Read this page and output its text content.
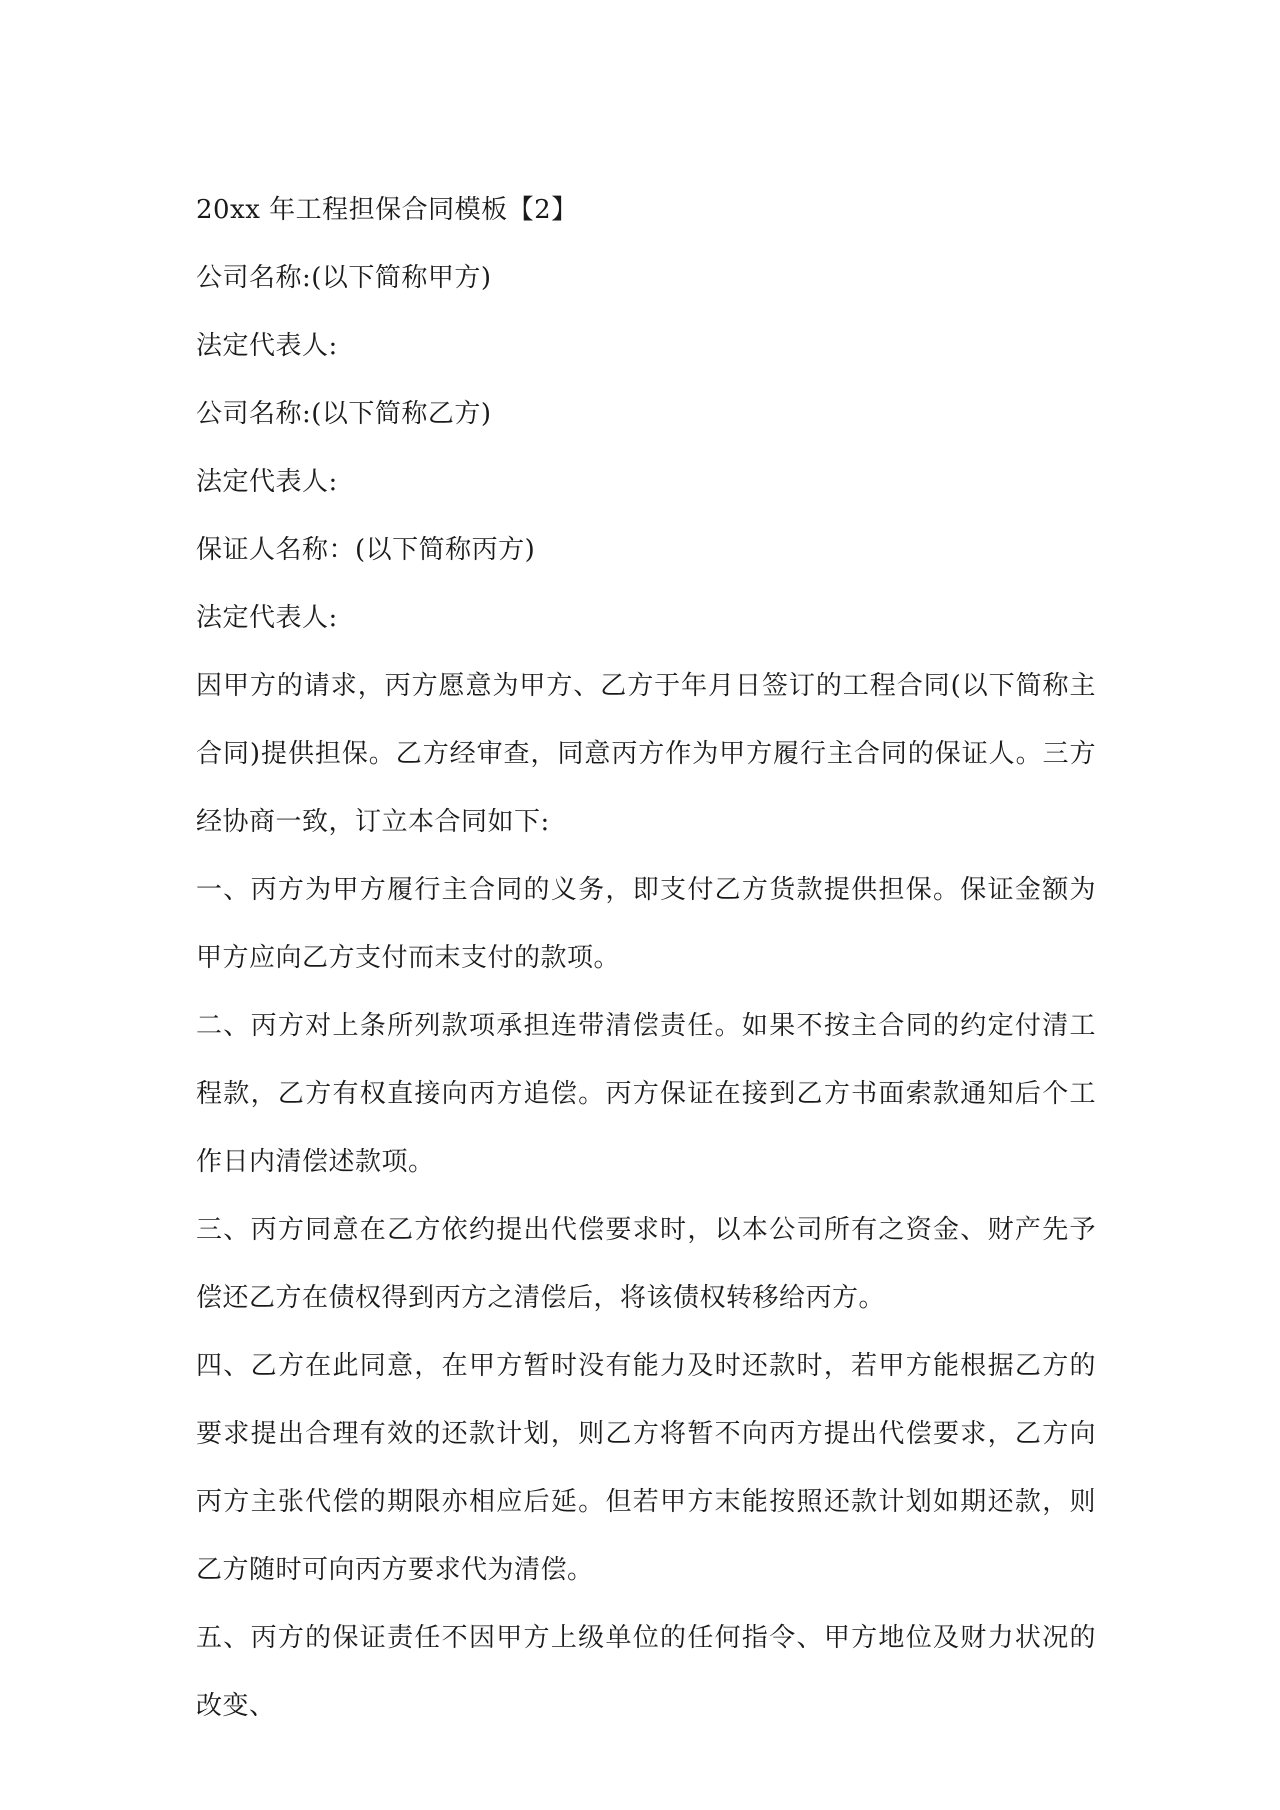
20xx 年工程担保合同模板【2】

公司名称:(以下简称甲方)

法定代表人:

公司名称:(以下简称乙方)

法定代表人:

保证人名称：(以下简称丙方)

法定代表人:

因甲方的请求，丙方愿意为甲方、乙方于年月日签订的工程合同(以下简称主合同)提供担保。乙方经审查，同意丙方作为甲方履行主合同的保证人。三方经协商一致，订立本合同如下:

一、丙方为甲方履行主合同的义务，即支付乙方货款提供担保。保证金额为甲方应向乙方支付而末支付的款项。

二、丙方对上条所列款项承担连带清偿责任。如果不按主合同的约定付清工程款，乙方有权直接向丙方追偿。丙方保证在接到乙方书面索款通知后个工作日内清偿述款项。

三、丙方同意在乙方依约提出代偿要求时，以本公司所有之资金、财产先予偿还乙方在债权得到丙方之清偿后，将该债权转移给丙方。

四、乙方在此同意，在甲方暂时没有能力及时还款时，若甲方能根据乙方的要求提出合理有效的还款计划，则乙方将暂不向丙方提出代偿要求，乙方向丙方主张代偿的期限亦相应后延。但若甲方末能按照还款计划如期还款，则乙方随时可向丙方要求代为清偿。

五、丙方的保证责任不因甲方上级单位的任何指令、甲方地位及财力状况的改变、
